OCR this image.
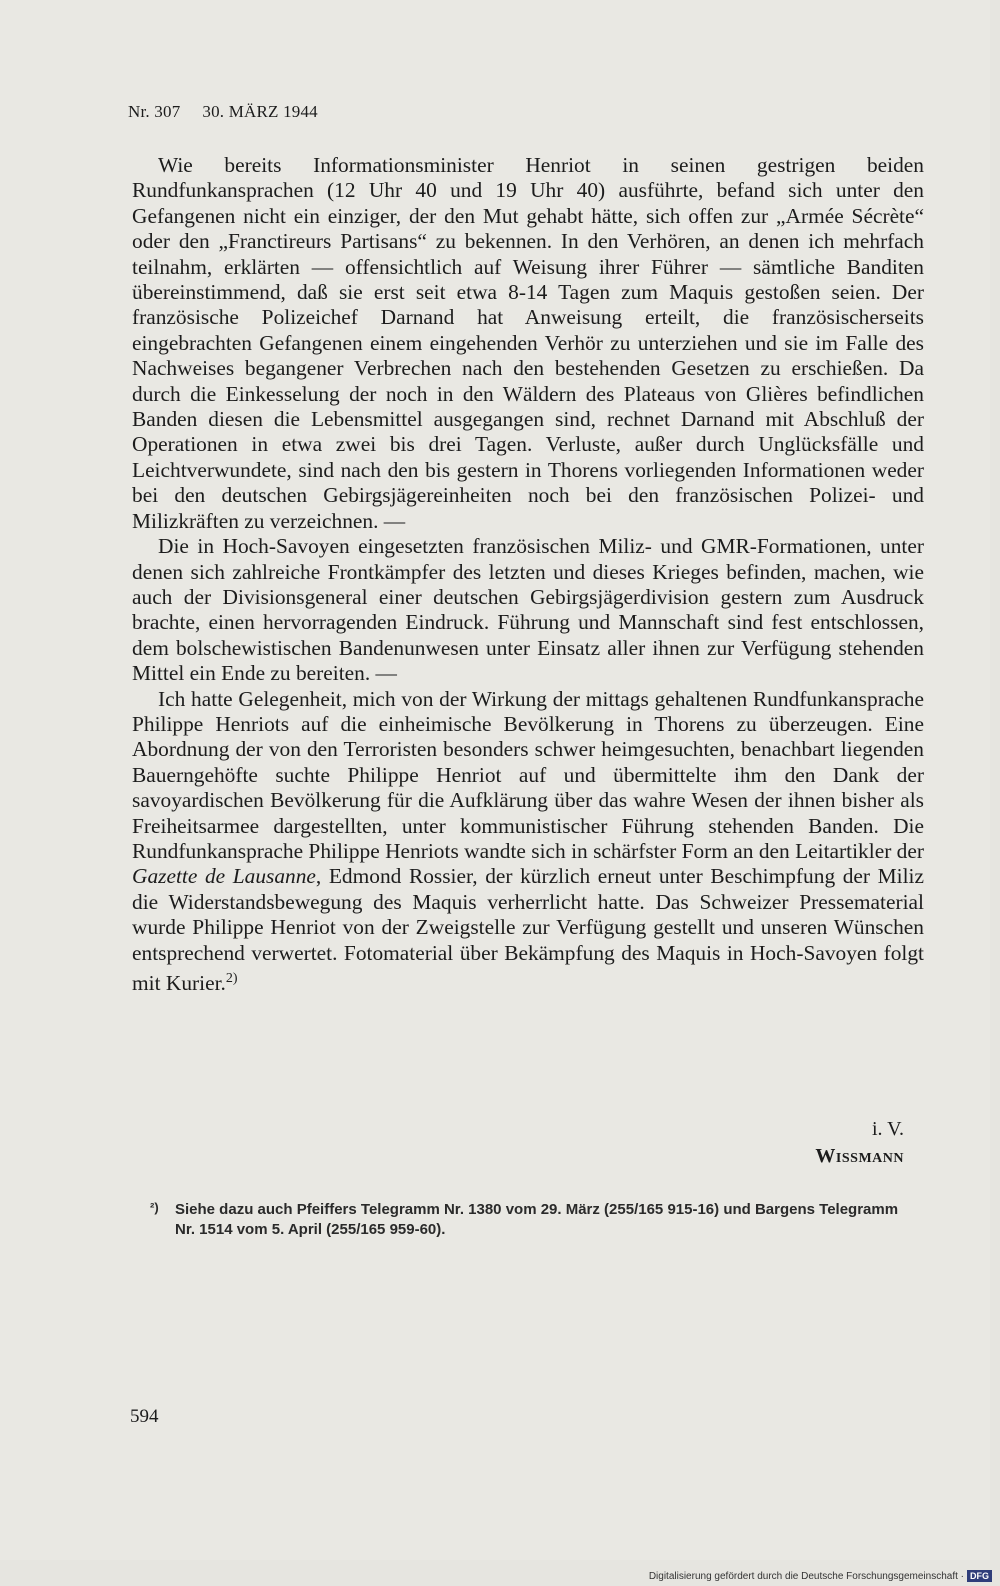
Nr. 307 30. MÄRZ 1944

Wie bereits Informationsminister Henriot in seinen gestrigen beiden Rundfunkansprachen (12 Uhr 40 und 19 Uhr 40) ausführte, befand sich unter den Gefangenen nicht ein einziger, der den Mut gehabt hätte, sich offen zur „Armée Sécrète“ oder den „Franctireurs Partisans“ zu bekennen. In den Verhören, an denen ich mehrfach teilnahm, erklärten — offensichtlich auf Weisung ihrer Führer — sämtliche Banditen übereinstimmend, daß sie erst seit etwa 8-14 Tagen zum Maquis gestoßen seien. Der französische Polizeichef Darnand hat Anweisung erteilt, die französischerseits eingebrachten Gefangenen einem eingehenden Verhör zu unterziehen und sie im Falle des Nachweises begangener Verbrechen nach den bestehenden Gesetzen zu erschießen. Da durch die Einkesselung der noch in den Wäldern des Plateaus von Glières befindlichen Banden diesen die Lebensmittel ausgegangen sind, rechnet Darnand mit Abschluß der Operationen in etwa zwei bis drei Tagen. Verluste, außer durch Unglücksfälle und Leichtverwundete, sind nach den bis gestern in Thorens vorliegenden Informationen weder bei den deutschen Gebirgsjägereinheiten noch bei den französischen Polizei- und Milizkräften zu verzeichnen. —

Die in Hoch-Savoyen eingesetzten französischen Miliz- und GMR-Formationen, unter denen sich zahlreiche Frontkämpfer des letzten und dieses Krieges befinden, machen, wie auch der Divisionsgeneral einer deutschen Gebirgsjägerdivision gestern zum Ausdruck brachte, einen hervorragenden Eindruck. Führung und Mannschaft sind fest entschlossen, dem bolschewistischen Bandenunwesen unter Einsatz aller ihnen zur Verfügung stehenden Mittel ein Ende zu bereiten. —

Ich hatte Gelegenheit, mich von der Wirkung der mittags gehaltenen Rundfunkansprache Philippe Henriots auf die einheimische Bevölkerung in Thorens zu überzeugen. Eine Abordnung der von den Terroristen besonders schwer heimgesuchten, benachbart liegenden Bauerngehöfte suchte Philippe Henriot auf und übermittelte ihm den Dank der savoyardischen Bevölkerung für die Aufklärung über das wahre Wesen der ihnen bisher als Freiheitsarmee dargestellten, unter kommunistischer Führung stehenden Banden. Die Rundfunkansprache Philippe Henriots wandte sich in schärfster Form an den Leitartikler der Gazette de Lausanne, Edmond Rossier, der kürzlich erneut unter Beschimpfung der Miliz die Widerstandsbewegung des Maquis verherrlicht hatte. Das Schweizer Pressematerial wurde Philippe Henriot von der Zweigstelle zur Verfügung gestellt und unseren Wünschen entsprechend verwertet. Fotomaterial über Bekämpfung des Maquis in Hoch-Savoyen folgt mit Kurier.$^{2)}$

i. V.
Wissmann
²) Siehe dazu auch Pfeiffers Telegramm Nr. 1380 vom 29. März (255/165 915-16) und Bargens Telegramm Nr. 1514 vom 5. April (255/165 959-60).
594
Digitalisierung gefördert durch die Deutsche Forschungsgemeinschaft · DFG
